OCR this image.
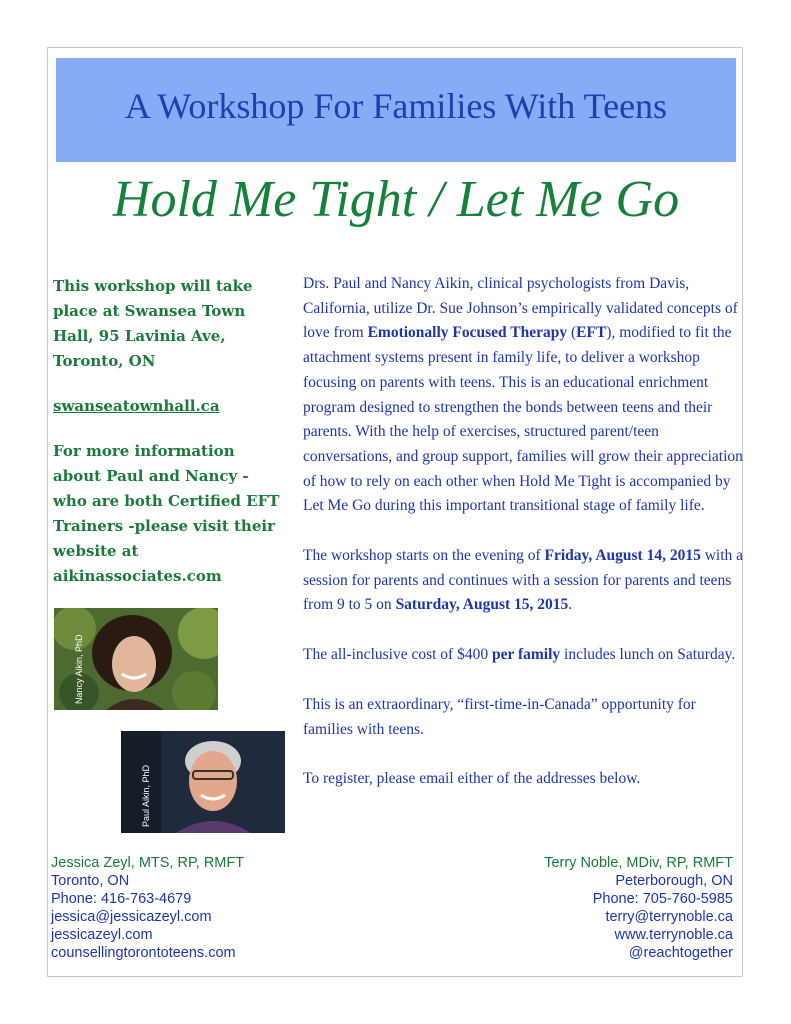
A Workshop For Families With Teens
Hold Me Tight / Let Me Go

This workshop will take place at Swansea Town Hall, 95 Lavinia Ave, Toronto, ON

swanseatownhall.ca

For more information about Paul and Nancy - who are both Certified EFT Trainers -please visit their website at aikinassociates.com

Nancy Aikin, PhD
Paul Aikin, PhD

Drs. Paul and Nancy Aikin, clinical psychologists from Davis, California, utilize Dr. Sue Johnson’s empirically validated concepts of love from Emotionally Focused Therapy (EFT), modified to fit the attachment systems present in family life, to deliver a workshop focusing on parents with teens. This is an educational enrichment program designed to strengthen the bonds between teens and their parents. With the help of exercises, structured parent/teen conversations, and group support, families will grow their appreciation of how to rely on each other when Hold Me Tight is accompanied by Let Me Go during this important transitional stage of family life.

The workshop starts on the evening of Friday, August 14, 2015 with a session for parents and continues with a session for parents and teens from 9 to 5 on Saturday, August 15, 2015.

The all-inclusive cost of $400 per family includes lunch on Saturday.

This is an extraordinary, “first-time-in-Canada” opportunity for families with teens.

To register, please email either of the addresses below.

Jessica Zeyl, MTS, RP, RMFT
Toronto, ON
Phone: 416-763-4679
jessica@jessicazeyl.com
jessicazeyl.com
counsellingtorontoteens.com
Terry Noble, MDiv, RP, RMFT
Peterborough, ON
Phone: 705-760-5985
terry@terrynoble.ca
www.terrynoble.ca
@reachtogether
